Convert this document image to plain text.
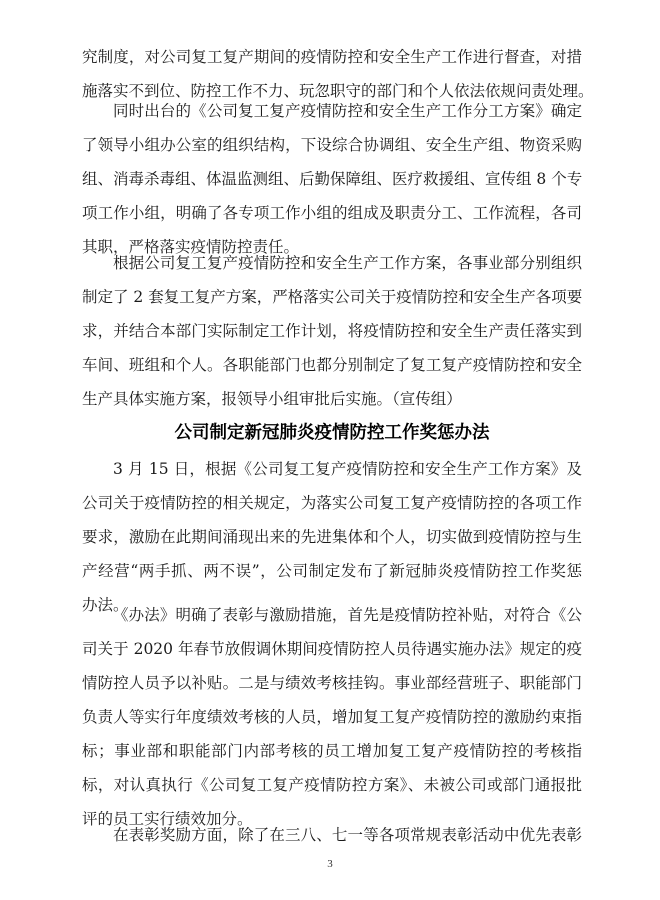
究制度，对公司复工复产期间的疫情防控和安全生产工作进行督查，对措
施落实不到位、防控工作不力、玩忽职守的部门和个人依法依规问责处理。
同时出台的《公司复工复产疫情防控和安全生产工作分工方案》确定
了领导小组办公室的组织结构，下设综合协调组、安全生产组、物资采购
组、消毒杀毒组、体温监测组、后勤保障组、医疗救援组、宣传组 8 个专
项工作小组，明确了各专项工作小组的组成及职责分工、工作流程，各司
其职，严格落实疫情防控责任。
根据公司复工复产疫情防控和安全生产工作方案，各事业部分别组织
制定了 2 套复工复产方案，严格落实公司关于疫情防控和安全生产各项要
求，并结合本部门实际制定工作计划，将疫情防控和安全生产责任落实到
车间、班组和个人。各职能部门也都分别制定了复工复产疫情防控和安全
生产具体实施方案，报领导小组审批后实施。（宣传组）
公司制定新冠肺炎疫情防控工作奖惩办法
3 月 15 日，根据《公司复工复产疫情防控和安全生产工作方案》及
公司关于疫情防控的相关规定，为落实公司复工复产疫情防控的各项工作
要求，激励在此期间涌现出来的先进集体和个人，切实做到疫情防控与生
产经营“两手抓、两不误”，公司制定发布了新冠肺炎疫情防控工作奖惩
办法。
《办法》明确了表彰与激励措施，首先是疫情防控补贴，对符合《公
司关于 2020 年春节放假调休期间疫情防控人员待遇实施办法》规定的疫
情防控人员予以补贴。二是与绩效考核挂钩。事业部经营班子、职能部门
负责人等实行年度绩效考核的人员，增加复工复产疫情防控的激励约束指
标；事业部和职能部门内部考核的员工增加复工复产疫情防控的考核指
标，对认真执行《公司复工复产疫情防控方案》、未被公司或部门通报批
评的员工实行绩效加分。
在表彰奖励方面，除了在三八、七一等各项常规表彰活动中优先表彰
3
